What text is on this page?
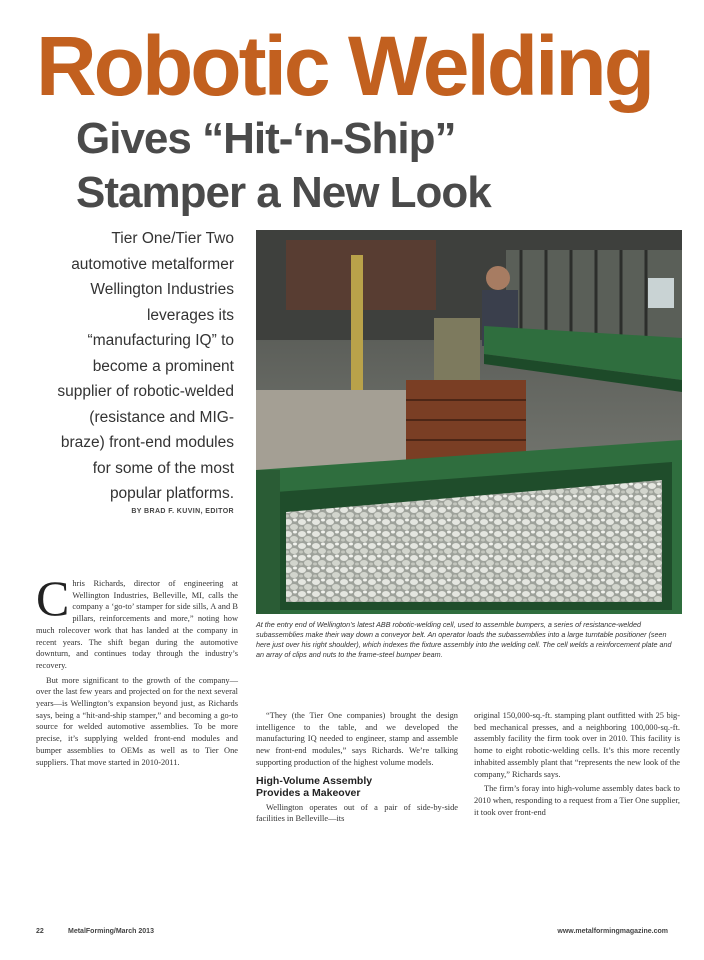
Robotic Welding
Gives “Hit-‘n-Ship”
Stamper a New Look
Tier One/Tier Two
automotive metalformer
Wellington Industries
leverages its
“manufacturing IQ” to
become a prominent
supplier of robotic-welded
(resistance and MIG-
braze) front-end modules
for some of the most
popular platforms.
BY BRAD F. KUVIN, EDITOR

At the entry end of Wellington’s latest ABB robotic-welding cell, used to assemble bumpers, a series of resistance-welded subassemblies make their way down a conveyor belt. An operator loads the subassemblies into a large turntable positioner (seen here just over his right shoulder), which indexes the fixture assembly into the welding cell. The cell welds a reinforcement plate and an array of clips and nuts to the frame-steel bumper beam.

Chris Richards, director of engineering at Wellington Industries, Belleville, MI, calls the company a ‘go-to’ stamper for side sills, A and B pillars, reinforcements and more,” noting how much rolecover work that has landed at the company in recent years. The shift began during the automotive downturn, and continues today through the industry’s recovery.

But more significant to the growth of the company—over the last few years and projected on for the next several years—is Wellington’s expansion beyond just, as Richards says, being a “hit-and-ship stamper,” and becoming a go-to source for welded automotive assemblies. To be more precise, it’s supplying welded front-end modules and bumper assemblies to OEMs as well as to Tier One suppliers. That move started in 2010-2011.

“They (the Tier One companies) brought the design intelligence to the table, and we developed the manufacturing IQ needed to engineer, stamp and assemble new front-end modules,” says Richards. We’re talking supporting production of the highest volume models.

High-Volume Assembly
Provides a Makeover

Wellington operates out of a pair of side-by-side facilities in Belleville—its

original 150,000-sq.-ft. stamping plant outfitted with 25 big-bed mechanical presses, and a neighboring 100,000-sq.-ft. assembly facility the firm took over in 2010. This facility is home to eight robotic-welding cells. It’s this more recently inhabited assembly plant that “represents the new look of the company,” Richards says.

The firm’s foray into high-volume assembly dates back to 2010 when, responding to a request from a Tier One supplier, it took over front-end

22	MetalForming/March 2013	www.metalformingmagazine.com
